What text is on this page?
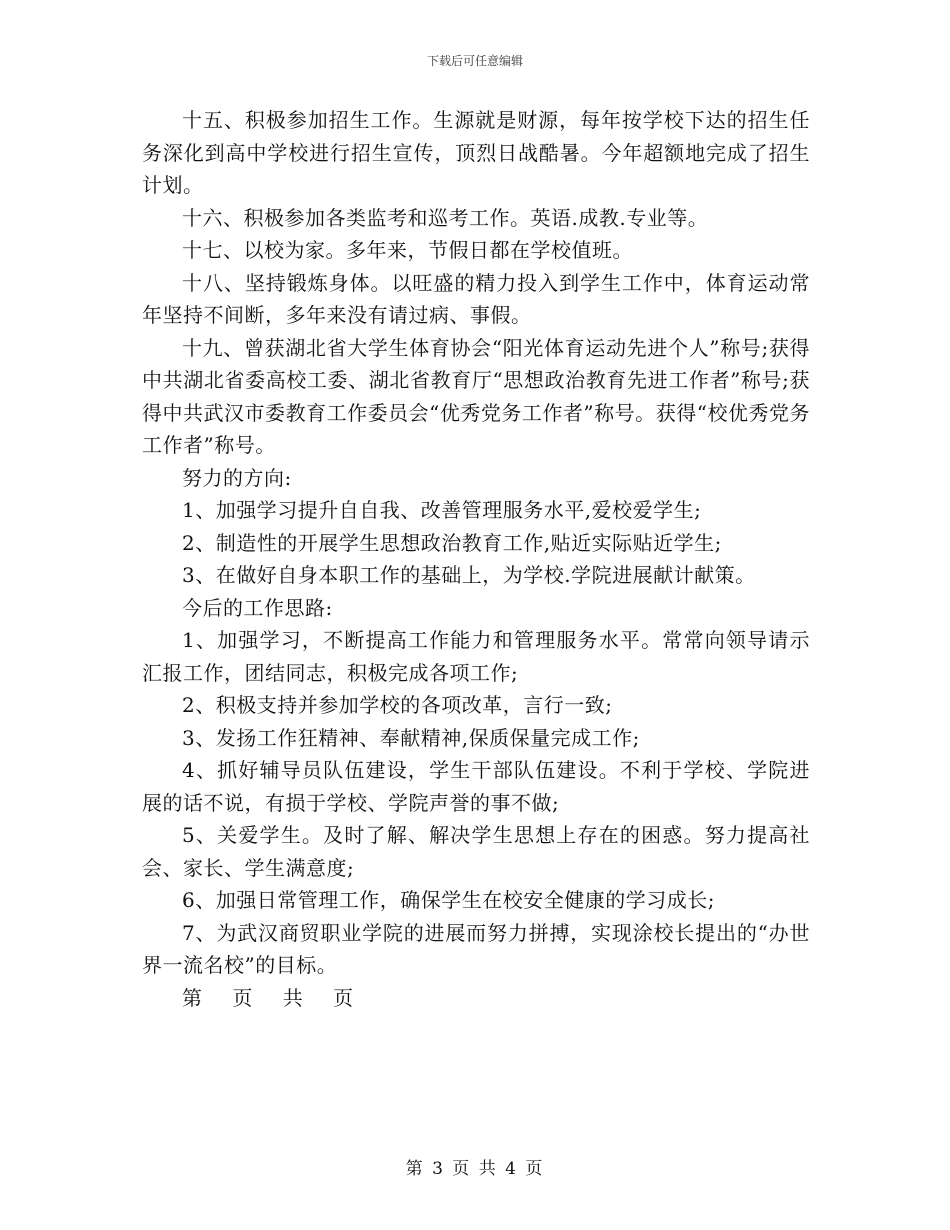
下载后可任意编辑

十五、积极参加招生工作。生源就是财源，每年按学校下达的招生任务深化到高中学校进行招生宣传，顶烈日战酷暑。今年超额地完成了招生计划。

十六、积极参加各类监考和巡考工作。英语.成教.专业等。

十七、以校为家。多年来，节假日都在学校值班。

十八、坚持锻炼身体。以旺盛的精力投入到学生工作中，体育运动常年坚持不间断，多年来没有请过病、事假。

十九、曾获湖北省大学生体育协会“阳光体育运动先进个人”称号;获得中共湖北省委高校工委、湖北省教育厅“思想政治教育先进工作者”称号;获得中共武汉市委教育工作委员会“优秀党务工作者”称号。获得“校优秀党务工作者”称号。

努力的方向:

1、加强学习提升自自我、改善管理服务水平,爱校爱学生;

2、制造性的开展学生思想政治教育工作,贴近实际贴近学生;

3、在做好自身本职工作的基础上，为学校.学院进展献计献策。

今后的工作思路:

1、加强学习，不断提高工作能力和管理服务水平。常常向领导请示汇报工作，团结同志，积极完成各项工作;

2、积极支持并参加学校的各项改革，言行一致;

3、发扬工作狂精神、奉献精神,保质保量完成工作;

4、抓好辅导员队伍建设，学生干部队伍建设。不利于学校、学院进展的话不说，有损于学校、学院声誉的事不做;

5、关爱学生。及时了解、解决学生思想上存在的困惑。努力提高社会、家长、学生满意度;

6、加强日常管理工作，确保学生在校安全健康的学习成长;

7、为武汉商贸职业学院的进展而努力拼搏，实现涂校长提出的“办世界一流名校”的目标。

第 页 共 页

第 3 页 共 4 页
